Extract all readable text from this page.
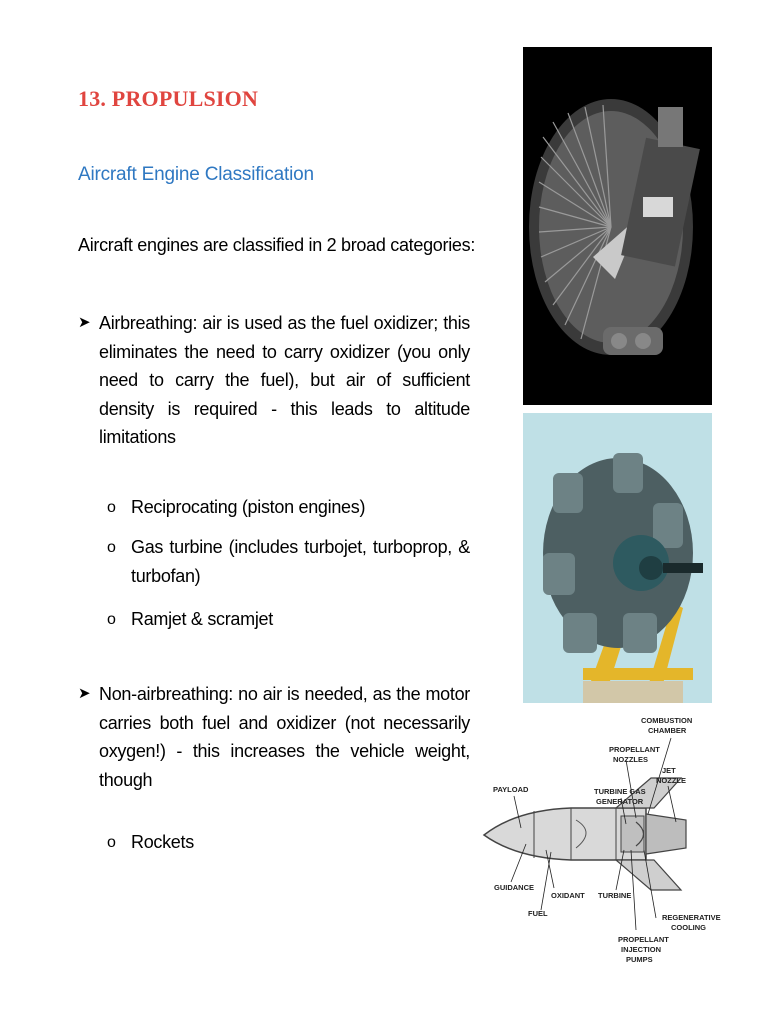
13. PROPULSION
Aircraft Engine Classification
Aircraft engines are classified in 2 broad categories:
➤ Airbreathing: air is used as the fuel oxidizer; this eliminates the need to carry oxidizer (you only need to carry the fuel), but air of sufficient density is required - this leads to altitude limitations
o Reciprocating (piston engines)
o Gas turbine (includes turbojet, turboprop, & turbofan)
o Ramjet & scramjet
➤ Non-airbreathing: no air is needed, as the motor carries both fuel and oxidizer (not necessarily oxygen!) - this increases the vehicle weight, though
o Rockets
COMBUSTION
CHAMBER
PROPELLANT
NOZZLES
JET
NOZZLE
PAYLOAD	TURBINE GAS
GENERATOR
GUIDANCE
OXIDANT TURBINE
FUEL	REGENERATIVE
COOLING
PROPELLANT
INJECTION
PUMPS
